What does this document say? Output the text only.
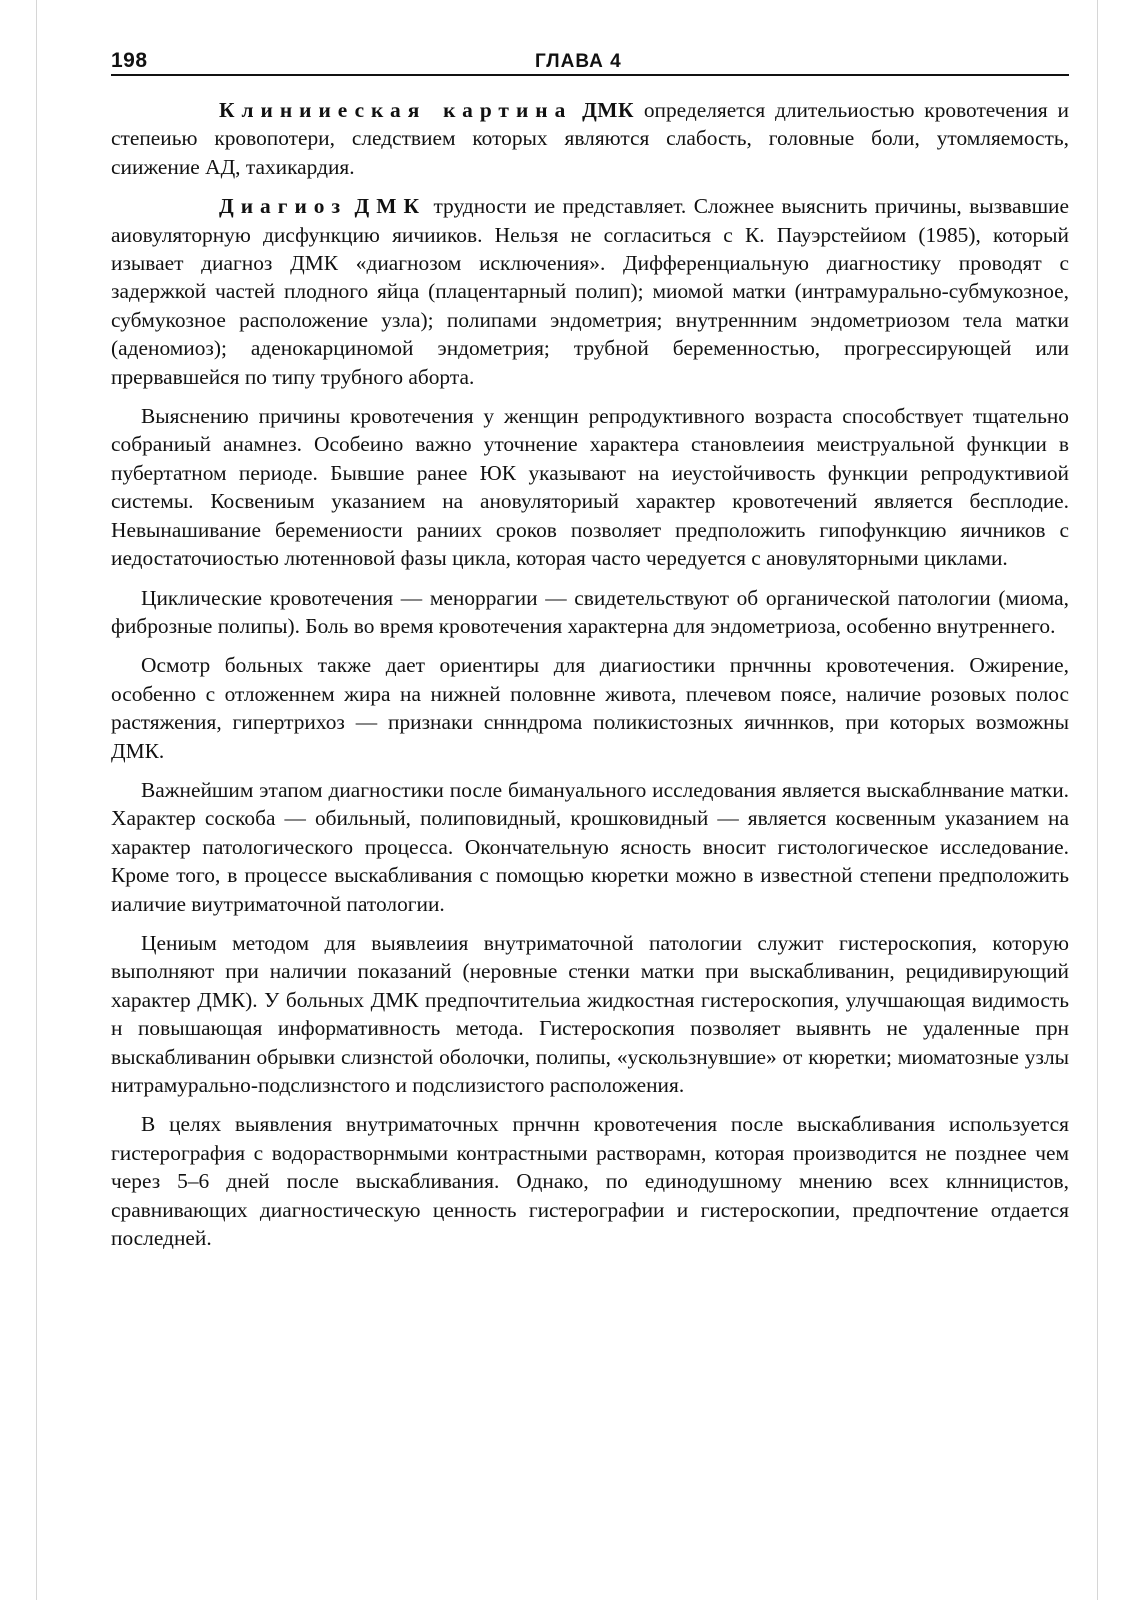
198	ГЛАВА 4

Клинииеская картина ДМК определяется длительиостью кровотечения и степеиью кровопотери, следствием которых являются слабость, головные боли, утомляемость, сиижение АД, тахикардия.

Диагиоз ДМК трудности ие представляет. Сложнее выяснить причины, вызвавшие аиовуляторную дисфункцию яичииков. Нельзя не согласиться с К. Пауэрстейиом (1985), который изывает диагноз ДМК «диагнозом исключения». Дифференциальную диагностику проводят с задержкой частей плодного яйца (плацентарный полип); миомой матки (интрамурально-субмукозное, субмукозное расположение узла); полипами эндометрия; внутреннним эндометриозом тела матки (аденомиоз); аденокарциномой эндометрия; трубной беременностью, прогрессирующей или прервавшейся по типу трубного аборта.

Выяснению причины кровотечения у женщин репродуктивного возраста способствует тщательно собраниый анамнез. Особеино важно уточнение характера становлеиия меиструальной функции в пубертатном периоде. Бывшие ранее ЮК указывают на иеустойчивость функции репродуктивиой системы. Косвениым указанием на ановуляториый характер кровотечений является бесплодие. Невынашивание беремениости раниих сроков позволяет предположить гипофункцию яичников с иедостаточиостью лютенновой фазы цикла, которая часто чередуется с ановуляторными циклами.

Циклические кровотечения — меноррагии — свидетельствуют об органической патологии (миома, фиброзные полипы). Боль во время кровотечения характерна для эндометриоза, особенно внутреннего.

Осмотр больных также дает ориентиры для диагиостики прнчнны кровотечения. Ожирение, особенно с отложеннем жира на нижней половнне живота, плечевом поясе, наличие розовых полос растяжения, гипертрихоз — признаки сннндрома поликистозных яичннков, при которых возможны ДМК.

Важнейшим этапом диагностики после бимануального исследования является выскаблнвание матки. Характер соскоба — обильный, полиповидный, крошковидный — является косвенным указанием на характер патологического процесса. Окончательную ясность вносит гистологическое исследование. Кроме того, в процессе выскабливания с помощью кюретки можно в известной степени предположить иаличие виутриматочной патологии.

Цениым методом для выявлеиия внутриматочной патологии служит гистероскопия, которую выполняют при наличии показаний (неровные стенки матки при выскабливанин, рецидивирующий характер ДМК). У больных ДМК предпочтительиа жидкостная гистероскопия, улучшающая видимость н повышающая информативность метода. Гистероскопия позволяет выявнть не удаленные прн выскабливанин обрывки слизнстой оболочки, полипы, «ускользнувшие» от кюретки; миоматозные узлы нитрамурально-подслизнстого и подслизистого расположения.

В целях выявления внутриматочных прнчнн кровотечения после выскабливания используется гистерография с водорастворнмыми контрастными растворамн, которая производится не позднее чем через 5–6 дней после выскабливания. Однако, по единодушному мнению всех клнницистов, сравнивающих диагностическую ценность гистерографии и гистероскопии, предпочтение отдается последней.
